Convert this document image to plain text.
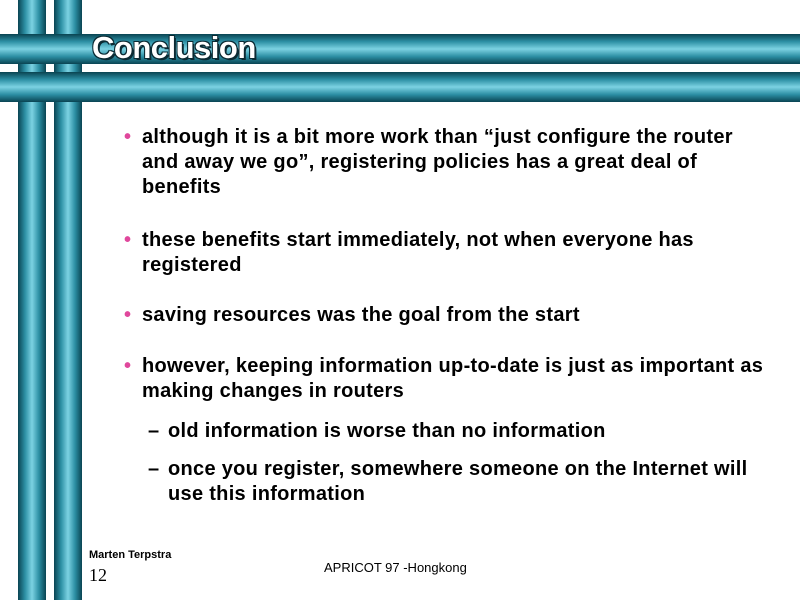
Conclusion
• although it is a bit more work than “just configure the router and away we go”, registering policies has a great deal of benefits
• these benefits start immediately, not when everyone has registered
• saving resources was the goal from the start
• however, keeping information up-to-date is just as important as making changes in routers
– old information is worse than no information
– once you register, somewhere someone on the Internet will use this information
Marten Terpstra
12	APRICOT 97 -Hongkong
